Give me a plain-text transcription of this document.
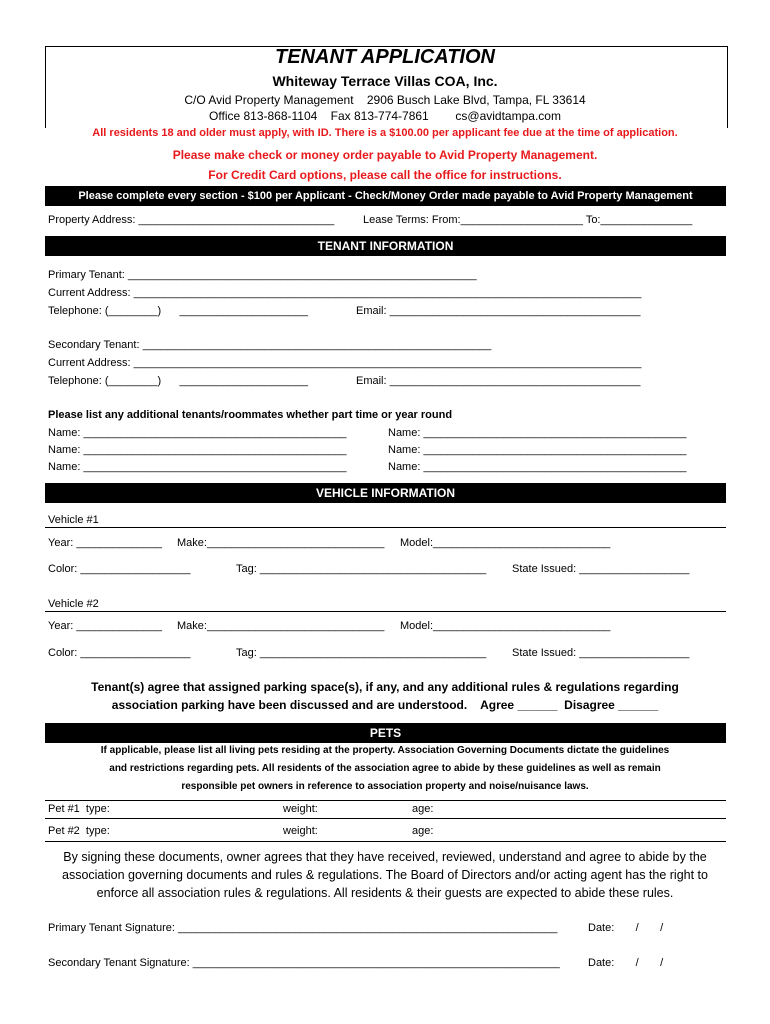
TENANT APPLICATION
Whiteway Terrace Villas COA, Inc.
C/O Avid Property Management    2906 Busch Lake Blvd, Tampa, FL 33614
Office 813-868-1104    Fax 813-774-7861        cs@avidtampa.com
All residents 18 and older must apply, with ID. There is a $100.00 per applicant fee due at the time of application.
Please make check or money order payable to Avid Property Management.
For Credit Card options, please call the office for instructions.
Please complete every section - $100 per Applicant - Check/Money Order made payable to Avid Property Management
Property Address: ________________________________	Lease Terms: From:____________________ To:_______________
TENANT INFORMATION
Primary Tenant: _________________________________________________________
Current Address: ___________________________________________________________________________________
Telephone: (________)      _____________________	Email: _________________________________________
Secondary Tenant: _________________________________________________________
Current Address: ___________________________________________________________________________________
Telephone: (________)      _____________________	Email: _________________________________________
Please list any additional tenants/roommates whether part time or year round
Name: ___________________________________________
Name: ___________________________________________
Name: ___________________________________________
Name: ___________________________________________
Name: ___________________________________________
Name: ___________________________________________
VEHICLE INFORMATION
Vehicle #1
Year: ______________ Make:_____________________________ Model:_____________________________
Color: __________________	Tag: _____________________________________ State Issued: __________________
Vehicle #2
Year: ______________ Make:_____________________________ Model:_____________________________
Color: __________________	Tag: _____________________________________ State Issued: __________________
Tenant(s) agree that assigned parking space(s), if any, and any additional rules & regulations regarding
association parking have been discussed and are understood.    Agree ______  Disagree ______
PETS
If applicable, please list all living pets residing at the property. Association Governing Documents dictate the guidelines
and restrictions regarding pets. All residents of the association agree to abide by these guidelines as well as remain
responsible pet owners in reference to association property and noise/nuisance laws.
Pet #1  type:	weight:	age:
Pet #2  type:	weight:	age:
By signing these documents, owner agrees that they have received, reviewed, understand and agree to abide by the
association governing documents and rules & regulations. The Board of Directors and/or acting agent has the right to
enforce all association rules & regulations. All residents & their guests are expected to abide these rules.
Primary Tenant Signature: ______________________________________________________________	Date:       /       /
Secondary Tenant Signature: ____________________________________________________________	Date:       /       /
